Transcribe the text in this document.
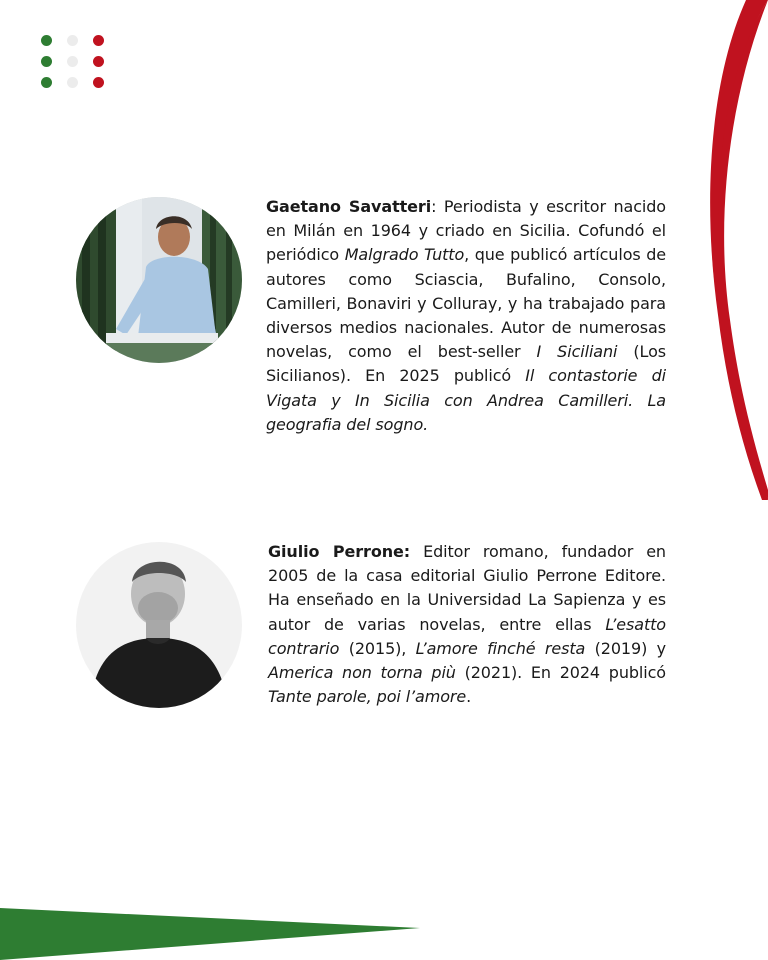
Gaetano Savatteri: Periodista y escritor nacido en Milán en 1964 y criado en Sicilia. Cofundó el periódico Malgrado Tutto, que publicó artículos de autores como Sciascia, Bufalino, Consolo, Camilleri, Bonaviri y Colluray, y ha trabajado para diversos medios nacionales. Autor de numerosas novelas, como el best-seller I Siciliani (Los Sicilianos). En 2025 publicó Il contastorie di Vigata y In Sicilia con Andrea Camilleri. La geografia del sogno.
Giulio Perrone: Editor romano, fundador en 2005 de la casa editorial Giulio Perrone Editore. Ha enseñado en la Universidad La Sapienza y es autor de varias novelas, entre ellas L’esatto contrario (2015), L’amore finché resta (2019) y America non torna più (2021). En 2024 publicó Tante parole, poi l’amore.
